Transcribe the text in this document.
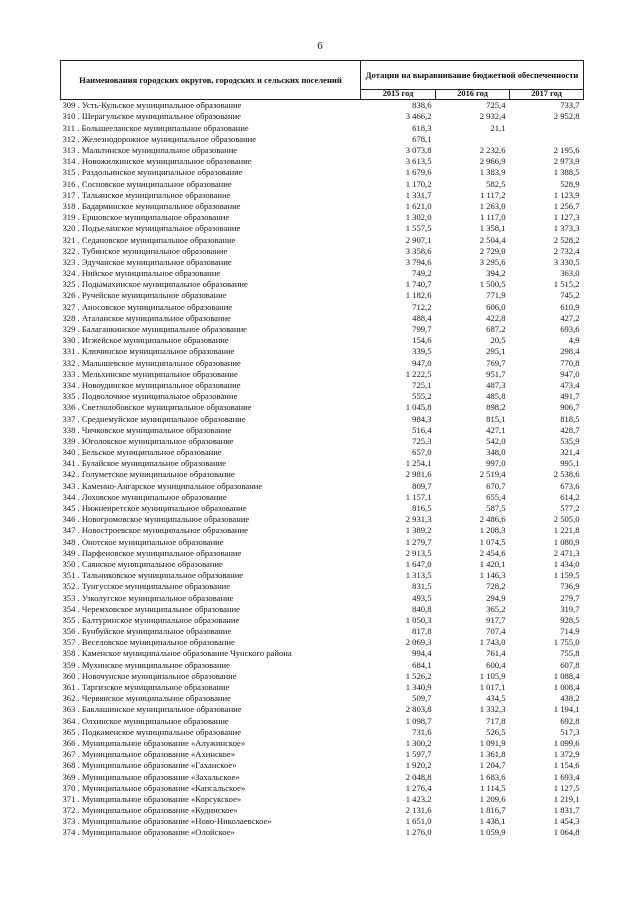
6
Наименования городских округов, городских и сельских поселений	Дотации на выравнивание бюджетной обеспеченности		
	2015 год	2016 год	2017 год
309 . Усть-Кульское муниципальное образование	838,6	725,4	733,7
310 . Шерагульское муниципальное образование	3 466,2	2 932,4	2 952,8
311 . Большееланское муниципальное образование	618,3	21,1	
312 . Железнодорожное муниципальное образование	678,1		
313 . Мальтинское муниципальное образование	3 073,8	2 232,6	2 195,6
314 . Новожилкинское муниципальное образование	3 613,5	2 966,9	2 973,9
315 . Раздольинское муниципальное образование	1 679,6	1 383,9	1 388,5
316 . Сосновское муниципальное образование	1 170,2	582,5	528,9
317 . Тальянское муниципальное образование	1 331,7	1 117,2	1 123,9
318 . Бадарминское муниципальное образование	1 621,0	1 263,0	1 256,7
319 . Ершовское муниципальное образование	1 302,0	1 117,0	1 127,3
320 . Подъеланское муниципальное образование	1 557,5	1 358,1	1 373,3
321 . Седановское муниципальное образование	2 907,1	2 504,4	2 528,2
322 . Тубинское муниципальное образование	3 358,6	2 729,0	2 732,4
323 . Эдучанское муниципальное образование	3 794,6	3 295,6	3 330,5
324 . Нийское муниципальное образование	749,2	394,2	363,0
325 . Подымахинское муниципальное образование	1 740,7	1 500,5	1 515,2
326 . Ручейское муниципальное образование	1 182,6	771,9	745,2
327 . Аносовское муниципальное образование	712,2	606,0	610,9
328 . Аталанское муниципальное образование	488,4	422,8	427,2
329 . Балаганкинское муниципальное образование	799,7	687,2	693,6
330 . Игжейское муниципальное образование	154,6	20,5	4,9
331 . Ключинское муниципальное образование	339,5	295,1	298,4
332 . Малышевское муниципальное образование	947,0	769,7	770,8
333 . Мельхинское муниципальное образование	1 222,5	951,7	947,0
334 . Новоудинское муниципальное образование	725,1	487,3	473,4
335 . Подволочное муниципальное образование	555,2	485,8	491,7
336 . Светлолобовское муниципальное образование	1 045,8	898,2	906,7
337 . Среднемуйское муниципальное образование	984,3	815,1	818,5
338 . Чичковское муниципальное образование	516,4	427,1	428,7
339 . Юголокское муниципальное образование	725,3	542,0	535,9
340 . Бельское муниципальное образование	657,0	348,0	321,4
341 . Булайское муниципальное образование	1 254,1	997,0	995,1
342 . Голуметское муниципальное образование	2 981,6	2 519,4	2 538,6
343 . Каменно-Ангарское муниципальное образование	809,7	670,7	673,6
344 . Лоховское муниципальное образование	1 157,1	655,4	614,2
345 . Нижнеиретское муниципальное образование	816,5	587,5	577,2
346 . Новогромовское муниципальное образование	2 931,3	2 486,6	2 505,0
347 . Новостроевское муниципальное образование	1 389,2	1 208,3	1 221,8
348 . Онотское муниципальное образование	1 279,7	1 074,5	1 080,9
349 . Парфеновское муниципальное образование	2 913,5	2 454,6	2 471,3
350 . Саянское муниципальное образование	1 647,0	1 420,1	1 434,0
351 . Тальниковское муниципальное образование	1 313,5	1 146,3	1 159,5
352 . Тунгусское муниципальное образование	831,5	728,2	736,9
353 . Узколугское муниципальное образование	493,5	294,9	279,7
354 . Черемховское муниципальное образование	840,8	365,2	319,7
355 . Балтуринское муниципальное образование	1 050,3	917,7	928,5
356 . Бунбуйское муниципальное образование	817,8	707,4	714,9
357 . Веселовское муниципальное образование	2 069,3	1 743,0	1 755,0
358 . Каменское муниципальное образование Чунского района	994,4	761,4	755,8
359 . Мухинское муниципальное образование	684,1	600,4	607,8
360 . Новочунское муниципальное образование	1 526,2	1 105,9	1 088,4
361 . Таргизское муниципальное образование	1 340,9	1 017,1	1 008,4
362 . Червянское муниципальное образование	509,7	434,5	438,2
363 . Баклашинское муниципальное образование	2 803,8	1 332,3	1 194,1
364 . Олхинское муниципальное образование	1 098,7	717,8	692,8
365 . Подкаменское муниципальное образование	731,6	526,5	517,3
366 . Муниципальное образование «Алужинское»	1 300,2	1 091,9	1 099,6
367 . Муниципальное образование «Ахинское»	1 597,7	1 361,8	1 372,9
368 . Муниципальное образование «Гаханское»	1 920,2	1 204,7	1 154,6
369 . Муниципальное образование «Захальское»	2 048,8	1 683,6	1 693,4
370 . Муниципальное образование «Капсальское»	1 276,4	1 114,5	1 127,5
371 . Муниципальное образование «Корсукское»	1 423,2	1 209,6	1 219,1
372 . Муниципальное образование «Кудинское»	2 131,6	1 816,7	1 831,7
373 . Муниципальное образование «Ново-Николаевское»	1 651,0	1 438,1	1 454,3
374 . Муниципальное образование «Олойское»	1 276,0	1 059,9	1 064,8
